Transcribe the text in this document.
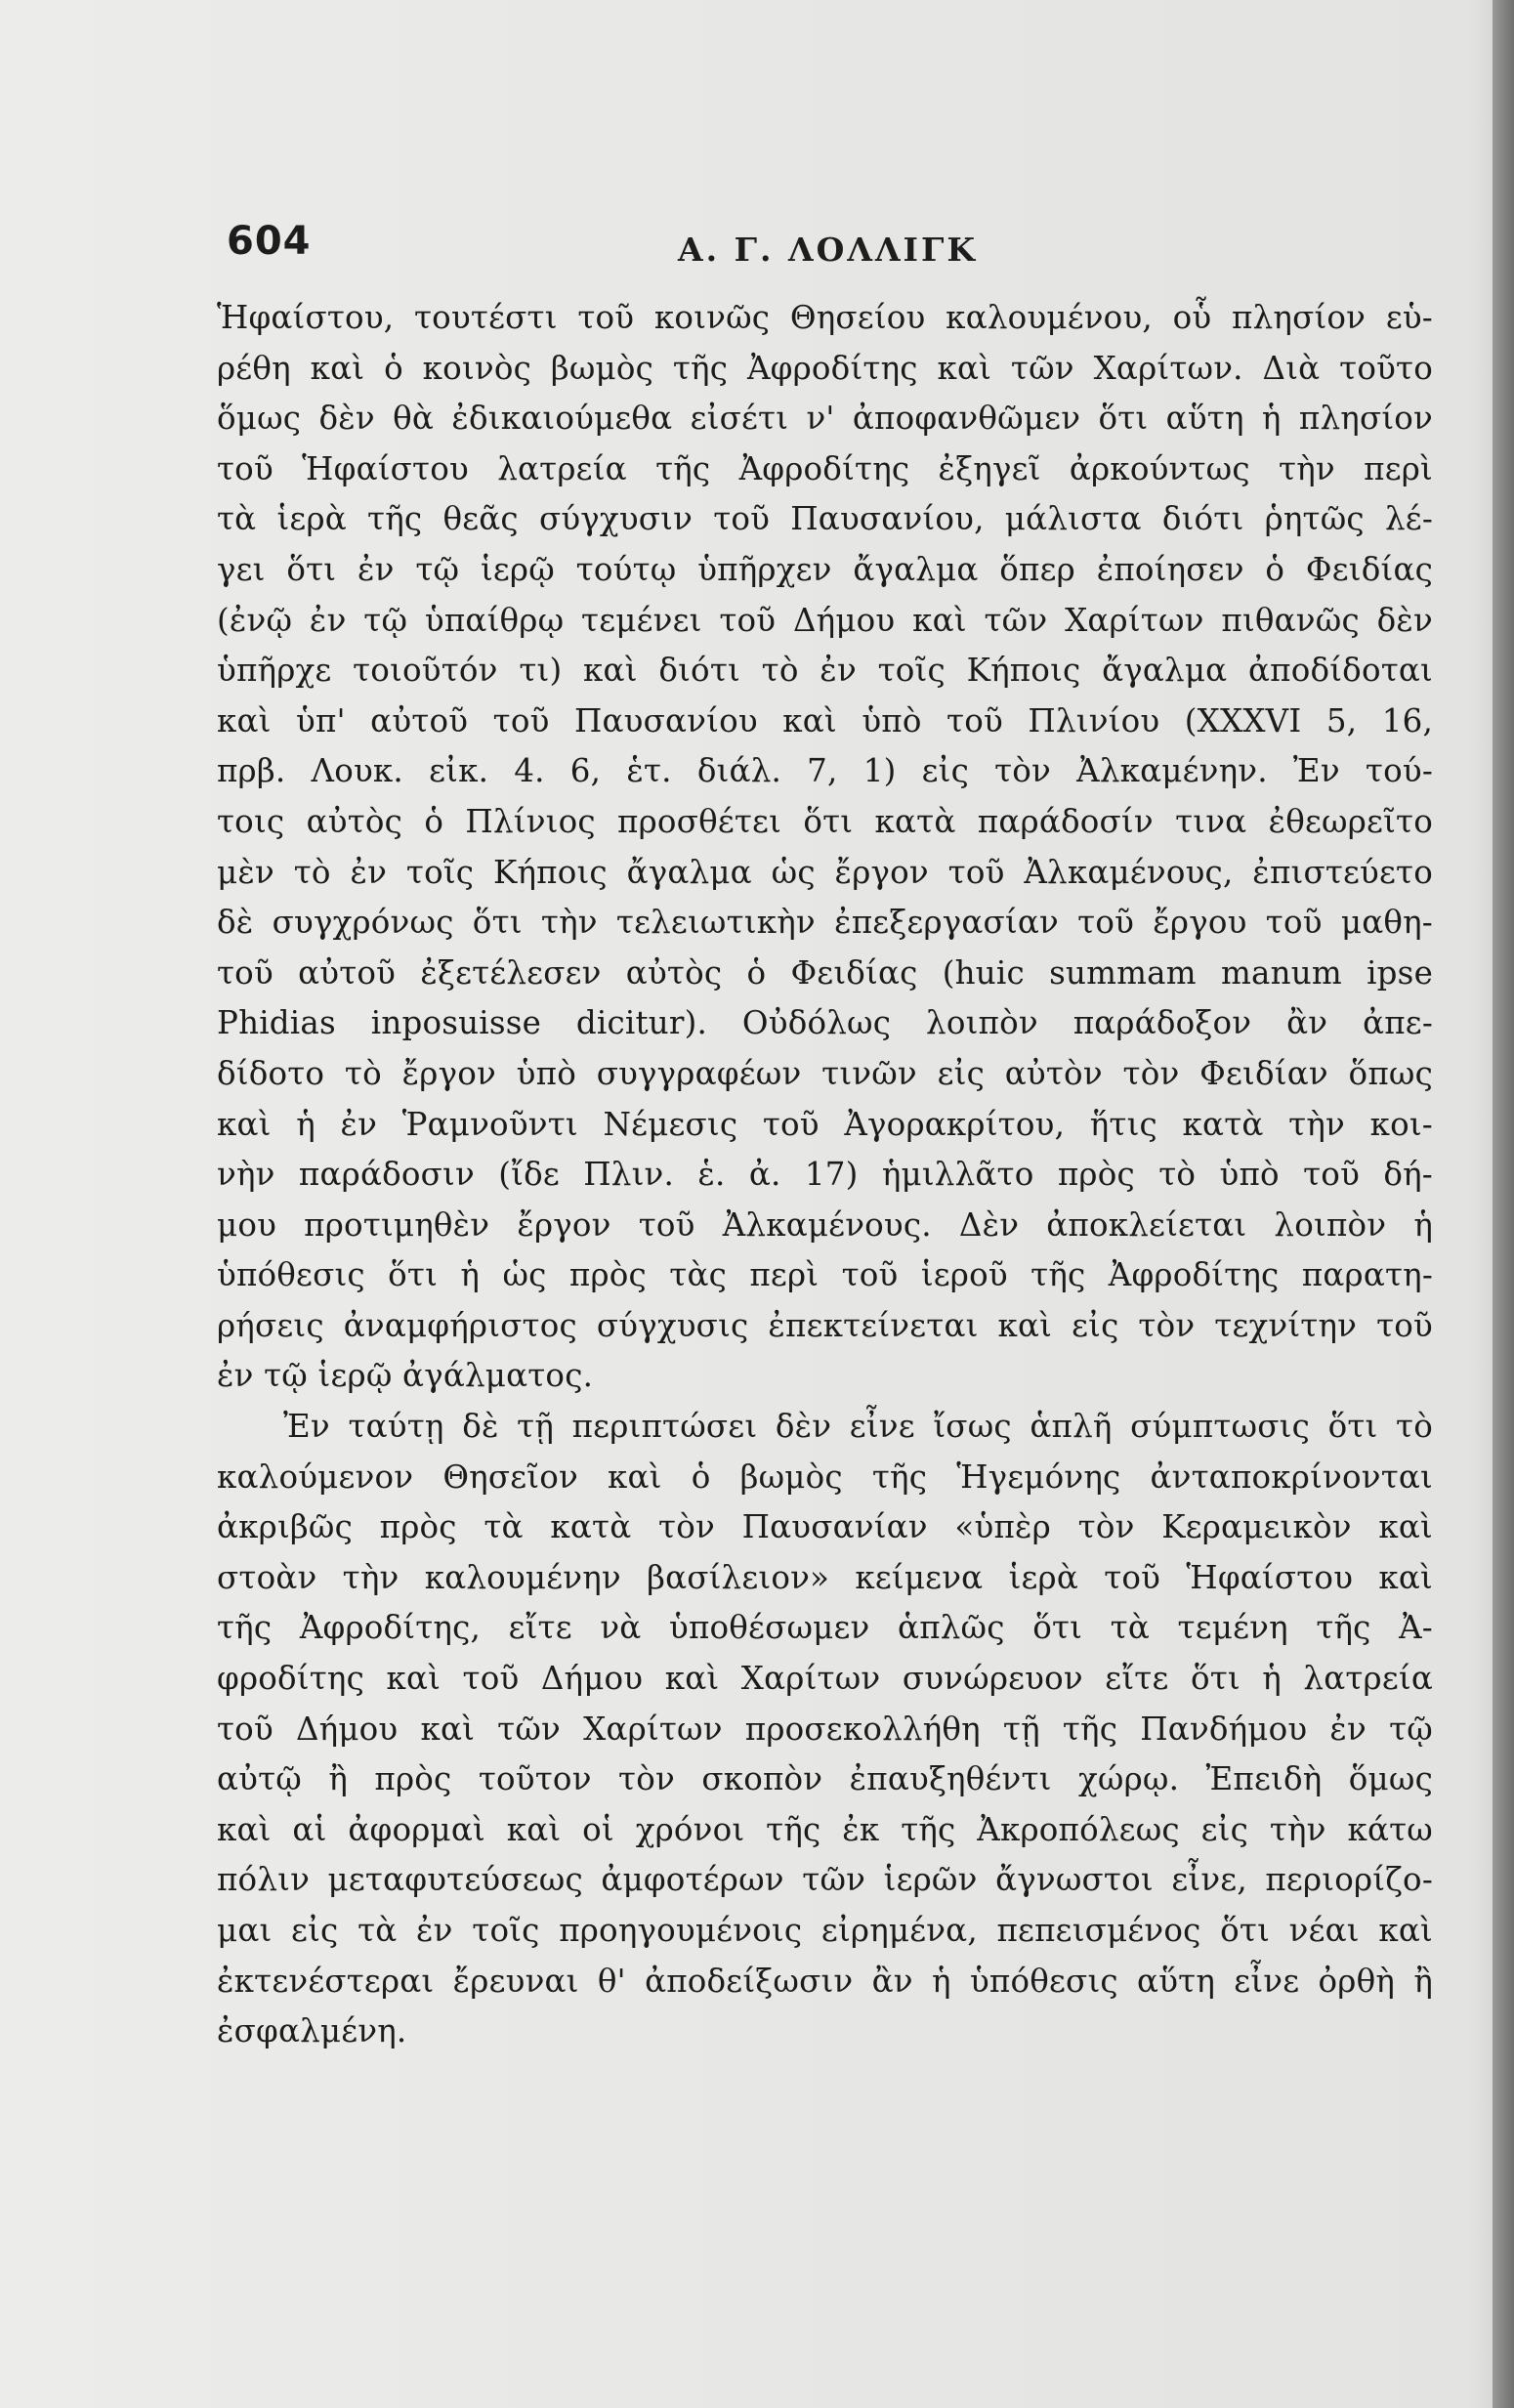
604	Α. Γ. ΛΟΛΛΙΓΚ
Ἡφαίστου, τουτέστι τοῦ κοινῶς Θησείου καλουμένου, οὗ πλησίον εὑ-
ρέθη καὶ ὁ κοινὸς βωμὸς τῆς Ἀφροδίτης καὶ τῶν Χαρίτων. Διὰ τοῦτο
ὅμως δὲν θὰ ἐδικαιούμεθα εἰσέτι ν' ἀποφανθῶμεν ὅτι αὕτη ἡ πλησίον
τοῦ Ἡφαίστου λατρεία τῆς Ἀφροδίτης ἐξηγεῖ ἀρκούντως τὴν περὶ
τὰ ἱερὰ τῆς θεᾶς σύγχυσιν τοῦ Παυσανίου, μάλιστα διότι ῥητῶς λέ-
γει ὅτι ἐν τῷ ἱερῷ τούτῳ ὑπῆρχεν ἄγαλμα ὅπερ ἐποίησεν ὁ Φειδίας
(ἐνῷ ἐν τῷ ὑπαίθρῳ τεμένει τοῦ Δήμου καὶ τῶν Χαρίτων πιθανῶς δὲν
ὑπῆρχε τοιοῦτόν τι) καὶ διότι τὸ ἐν τοῖς Κήποις ἄγαλμα ἀποδίδοται
καὶ ὑπ' αὐτοῦ τοῦ Παυσανίου καὶ ὑπὸ τοῦ Πλινίου (XXXVI 5, 16,
πρβ. Λουκ. εἰκ. 4. 6, ἑτ. διάλ. 7, 1) εἰς τὸν Ἀλκαμένην. Ἐν τού-
τοις αὐτὸς ὁ Πλίνιος προσθέτει ὅτι κατὰ παράδοσίν τινα ἐθεωρεῖτο
μὲν τὸ ἐν τοῖς Κήποις ἄγαλμα ὡς ἔργον τοῦ Ἀλκαμένους, ἐπιστεύετο
δὲ συγχρόνως ὅτι τὴν τελειωτικὴν ἐπεξεργασίαν τοῦ ἔργου τοῦ μαθη-
τοῦ αὐτοῦ ἐξετέλεσεν αὐτὸς ὁ Φειδίας (huic summam manum ipse
Phidias inposuisse dicitur). Οὐδόλως λοιπὸν παράδοξον ἂν ἀπε-
δίδοτο τὸ ἔργον ὑπὸ συγγραφέων τινῶν εἰς αὐτὸν τὸν Φειδίαν ὅπως
καὶ ἡ ἐν Ῥαμνοῦντι Νέμεσις τοῦ Ἀγορακρίτου, ἥτις κατὰ τὴν κοι-
νὴν παράδοσιν (ἴδε Πλιν. ἑ. ἀ. 17) ἡμιλλᾶτο πρὸς τὸ ὑπὸ τοῦ δή-
μου προτιμηθὲν ἔργον τοῦ Ἀλκαμένους. Δὲν ἀποκλείεται λοιπὸν ἡ
ὑπόθεσις ὅτι ἡ ὡς πρὸς τὰς περὶ τοῦ ἱεροῦ τῆς Ἀφροδίτης παρατη-
ρήσεις ἀναμφήριστος σύγχυσις ἐπεκτείνεται καὶ εἰς τὸν τεχνίτην τοῦ
ἐν τῷ ἱερῷ ἀγάλματος.
Ἐν ταύτῃ δὲ τῇ περιπτώσει δὲν εἶνε ἴσως ἁπλῆ σύμπτωσις ὅτι τὸ
καλούμενον Θησεῖον καὶ ὁ βωμὸς τῆς Ἡγεμόνης ἀνταποκρίνονται
ἀκριβῶς πρὸς τὰ κατὰ τὸν Παυσανίαν «ὑπὲρ τὸν Κεραμεικὸν καὶ
στοὰν τὴν καλουμένην βασίλειον» κείμενα ἱερὰ τοῦ Ἡφαίστου καὶ
τῆς Ἀφροδίτης, εἴτε νὰ ὑποθέσωμεν ἁπλῶς ὅτι τὰ τεμένη τῆς Ἀ-
φροδίτης καὶ τοῦ Δήμου καὶ Χαρίτων συνώρευον εἴτε ὅτι ἡ λατρεία
τοῦ Δήμου καὶ τῶν Χαρίτων προσεκολλήθη τῇ τῆς Πανδήμου ἐν τῷ
αὐτῷ ἢ πρὸς τοῦτον τὸν σκοπὸν ἐπαυξηθέντι χώρῳ. Ἐπειδὴ ὅμως
καὶ αἱ ἀφορμαὶ καὶ οἱ χρόνοι τῆς ἐκ τῆς Ἀκροπόλεως εἰς τὴν κάτω
πόλιν μεταφυτεύσεως ἀμφοτέρων τῶν ἱερῶν ἄγνωστοι εἶνε, περιορίζο-
μαι εἰς τὰ ἐν τοῖς προηγουμένοις εἰρημένα, πεπεισμένος ὅτι νέαι καὶ
ἐκτενέστεραι ἔρευναι θ' ἀποδείξωσιν ἂν ἡ ὑπόθεσις αὕτη εἶνε ὀρθὴ ἢ
ἐσφαλμένη.
